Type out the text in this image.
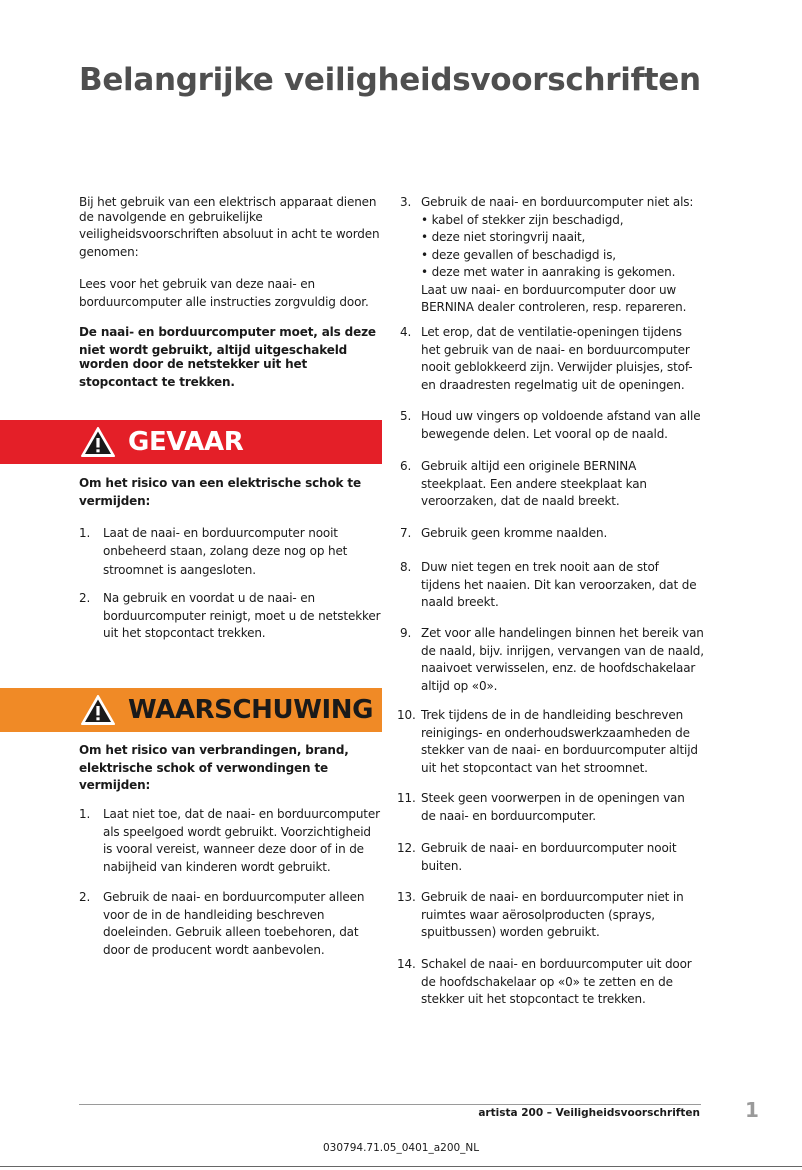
Belangrijke veiligheidsvoorschriften
Bij het gebruik van een elektrisch apparaat dienen
de navolgende en gebruikelijke
veiligheidsvoorschriften absoluut in acht te worden
genomen:
Lees voor het gebruik van deze naai- en
borduurcomputer alle instructies zorgvuldig door.
De naai- en borduurcomputer moet, als deze
niet wordt gebruikt, altijd uitgeschakeld
worden door de netstekker uit het
stopcontact te trekken.
GEVAAR
Om het risico van een elektrische schok te
vermijden:
1. Laat de naai- en borduurcomputer nooit
onbeheerd staan, zolang deze nog op het
stroomnet is aangesloten.
2. Na gebruik en voordat u de naai- en
borduurcomputer reinigt, moet u de netstekker
uit het stopcontact trekken.
WAARSCHUWING
Om het risico van verbrandingen, brand,
elektrische schok of verwondingen te
vermijden:
1. Laat niet toe, dat de naai- en borduurcomputer
als speelgoed wordt gebruikt. Voorzichtigheid
is vooral vereist, wanneer deze door of in de
nabijheid van kinderen wordt gebruikt.
2. Gebruik de naai- en borduurcomputer alleen
voor de in de handleiding beschreven
doeleinden. Gebruik alleen toebehoren, dat
door de producent wordt aanbevolen.
3. Gebruik de naai- en borduurcomputer niet als:
• kabel of stekker zijn beschadigd,
• deze niet storingvrij naait,
• deze gevallen of beschadigd is,
• deze met water in aanraking is gekomen.
Laat uw naai- en borduurcomputer door uw
BERNINA dealer controleren, resp. repareren.
4. Let erop, dat de ventilatie-openingen tijdens
het gebruik van de naai- en borduurcomputer
nooit geblokkeerd zijn. Verwijder pluisjes, stof-
en draadresten regelmatig uit de openingen.
5. Houd uw vingers op voldoende afstand van alle
bewegende delen. Let vooral op de naald.
6. Gebruik altijd een originele BERNINA
steekplaat. Een andere steekplaat kan
veroorzaken, dat de naald breekt.
7. Gebruik geen kromme naalden.
8. Duw niet tegen en trek nooit aan de stof
tijdens het naaien. Dit kan veroorzaken, dat de
naald breekt.
9. Zet voor alle handelingen binnen het bereik van
de naald, bijv. inrijgen, vervangen van de naald,
naaivoet verwisselen, enz. de hoofdschakelaar
altijd op «0».
10. Trek tijdens de in de handleiding beschreven
reinigings- en onderhoudswerkzaamheden de
stekker van de naai- en borduurcomputer altijd
uit het stopcontact van het stroomnet.
11. Steek geen voorwerpen in de openingen van
de naai- en borduurcomputer.
12. Gebruik de naai- en borduurcomputer nooit
buiten.
13. Gebruik de naai- en borduurcomputer niet in
ruimtes waar aërosolproducten (sprays,
spuitbussen) worden gebruikt.
14. Schakel de naai- en borduurcomputer uit door
de hoofdschakelaar op «0» te zetten en de
stekker uit het stopcontact te trekken.
artista 200 – Veiligheidsvoorschriften 1
030794.71.05_0401_a200_NL
